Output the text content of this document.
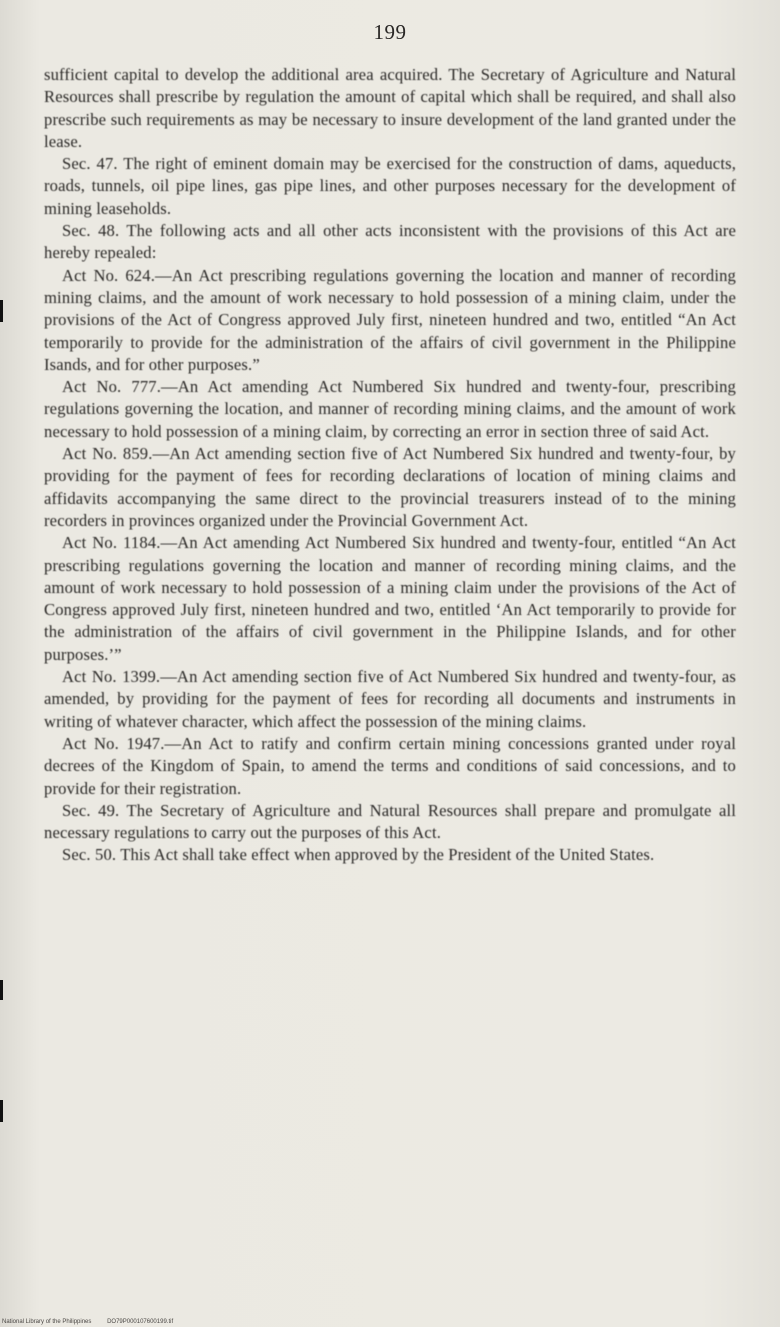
199

sufficient capital to develop the additional area acquired. The Secretary of Agriculture and Natural Resources shall prescribe by regulation the amount of capital which shall be required, and shall also prescribe such requirements as may be necessary to insure development of the land granted under the lease.

Sec. 47. The right of eminent domain may be exercised for the construction of dams, aqueducts, roads, tunnels, oil pipe lines, gas pipe lines, and other purposes necessary for the development of mining leaseholds.

Sec. 48. The following acts and all other acts inconsistent with the provisions of this Act are hereby repealed:

Act No. 624.—An Act prescribing regulations governing the location and manner of recording mining claims, and the amount of work necessary to hold possession of a mining claim, under the provisions of the Act of Congress approved July first, nineteen hundred and two, entitled “An Act temporarily to provide for the administration of the affairs of civil government in the Philippine Isands, and for other purposes.”

Act No. 777.—An Act amending Act Numbered Six hundred and twenty-four, prescribing regulations governing the location, and manner of recording mining claims, and the amount of work necessary to hold possession of a mining claim, by correcting an error in section three of said Act.

Act No. 859.—An Act amending section five of Act Numbered Six hundred and twenty-four, by providing for the payment of fees for recording declarations of location of mining claims and affidavits accompanying the same direct to the provincial treasurers instead of to the mining recorders in provinces organized under the Provincial Government Act.

Act No. 1184.—An Act amending Act Numbered Six hundred and twenty-four, entitled “An Act prescribing regulations governing the location and manner of recording mining claims, and the amount of work necessary to hold possession of a mining claim under the provisions of the Act of Congress approved July first, nineteen hundred and two, entitled ‘An Act temporarily to provide for the administration of the affairs of civil government in the Philippine Islands, and for other purposes.’”

Act No. 1399.—An Act amending section five of Act Numbered Six hundred and twenty-four, as amended, by providing for the payment of fees for recording all documents and instruments in writing of whatever character, which affect the possession of the mining claims.

Act No. 1947.—An Act to ratify and confirm certain mining concessions granted under royal decrees of the Kingdom of Spain, to amend the terms and conditions of said concessions, and to provide for their registration.

Sec. 49. The Secretary of Agriculture and Natural Resources shall prepare and promulgate all necessary regulations to carry out the purposes of this Act.

Sec. 50. This Act shall take effect when approved by the President of the United States.

National Library of the Philippines	DO79P000107600199.tif
